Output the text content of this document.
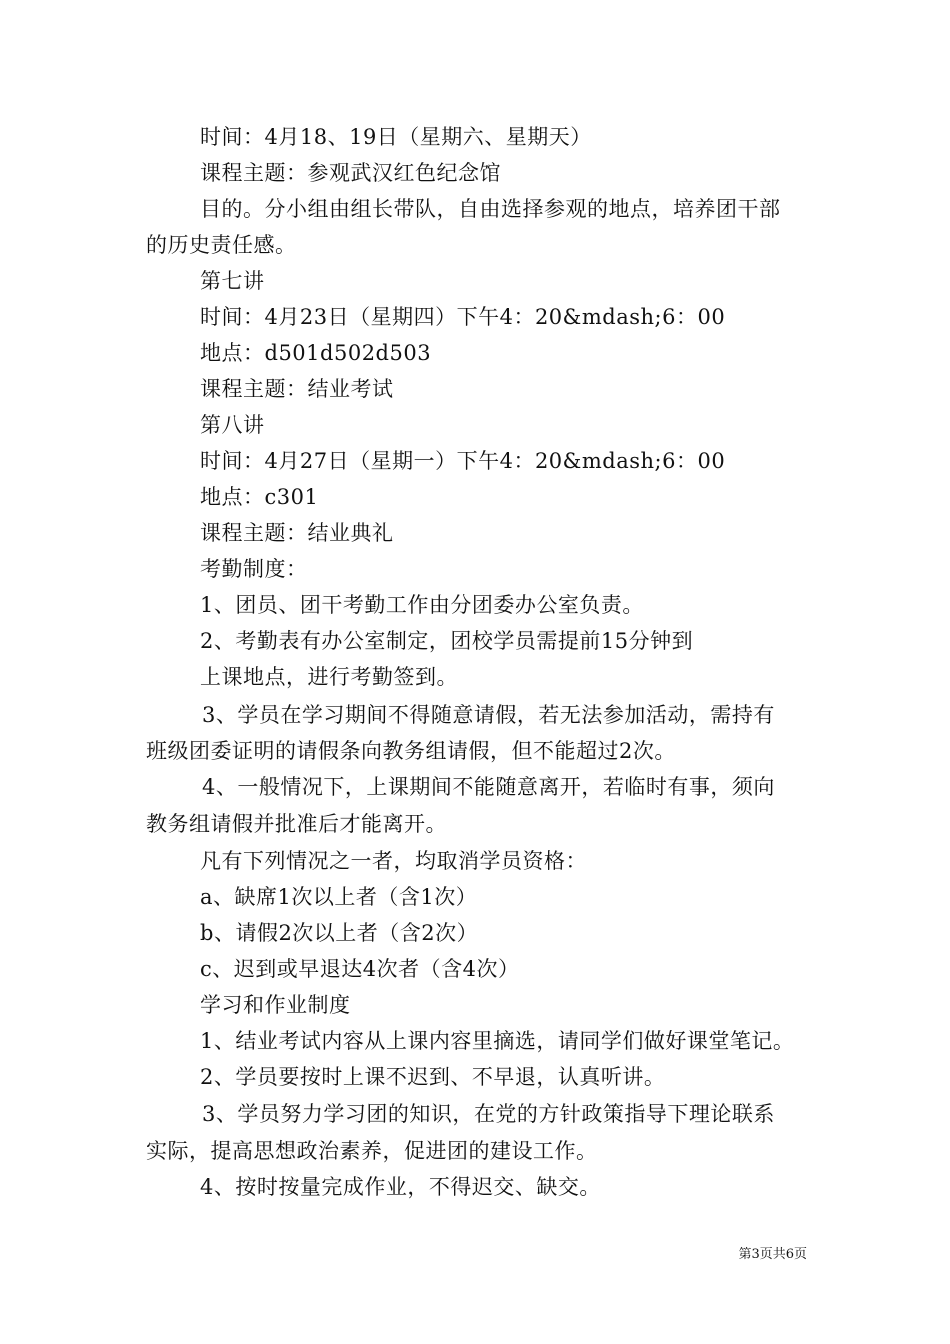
时间：4月18、19日（星期六、星期天）
课程主题：参观武汉红色纪念馆
目的。分小组由组长带队，自由选择参观的地点，培养团干部
的历史责任感。
第七讲
时间：4月23日（星期四）下午4：20&mdash;6：00
地点：d501d502d503
课程主题：结业考试
第八讲
时间：4月27日（星期一）下午4：20&mdash;6：00
地点：c301
课程主题：结业典礼
考勤制度：
1、团员、团干考勤工作由分团委办公室负责。
2、考勤表有办公室制定，团校学员需提前15分钟到
上课地点，进行考勤签到。
3、学员在学习期间不得随意请假，若无法参加活动，需持有
班级团委证明的请假条向教务组请假，但不能超过2次。
4、一般情况下，上课期间不能随意离开，若临时有事，须向
教务组请假并批准后才能离开。
凡有下列情况之一者，均取消学员资格：
a、缺席1次以上者（含1次）
b、请假2次以上者（含2次）
c、迟到或早退达4次者（含4次）
学习和作业制度
1、结业考试内容从上课内容里摘选，请同学们做好课堂笔记。
2、学员要按时上课不迟到、不早退，认真听讲。
3、学员努力学习团的知识，在党的方针政策指导下理论联系
实际，提高思想政治素养，促进团的建设工作。
4、按时按量完成作业，不得迟交、缺交。
第3页共6页
